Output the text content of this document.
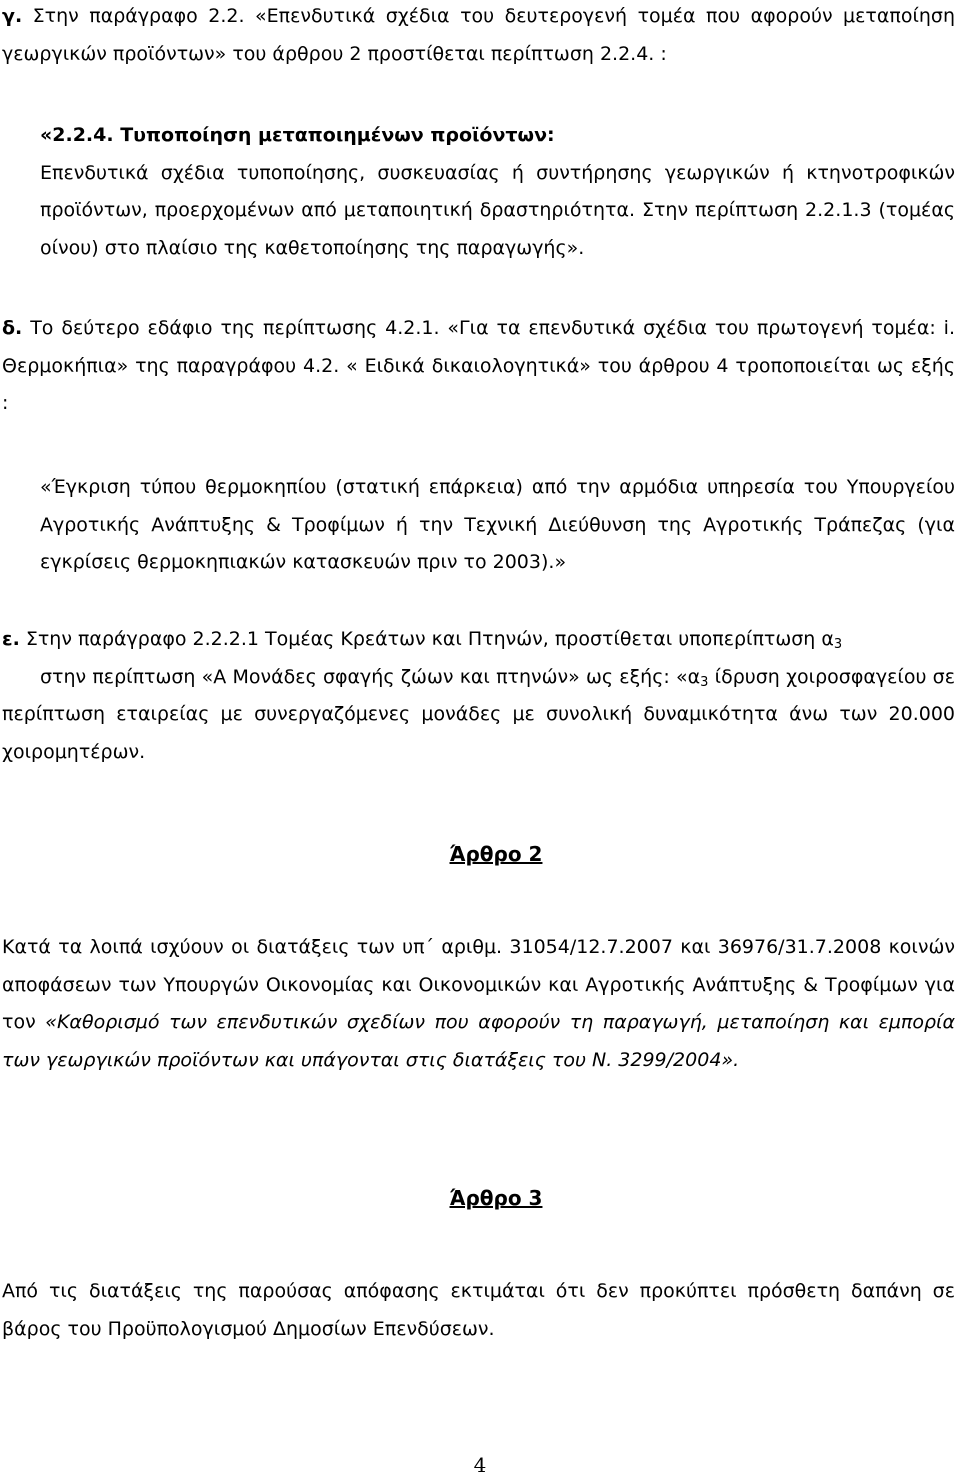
γ. Στην παράγραφο 2.2. «Επενδυτικά σχέδια του δευτερογενή τομέα που αφορούν μεταποίηση γεωργικών προϊόντων» του άρθρου 2 προστίθεται περίπτωση 2.2.4. :

«2.2.4. Τυποποίηση μεταποιημένων προϊόντων:
Επενδυτικά σχέδια τυποποίησης, συσκευασίας ή συντήρησης γεωργικών ή κτηνοτροφικών προϊόντων, προερχομένων από μεταποιητική δραστηριότητα. Στην περίπτωση 2.2.1.3 (τομέας οίνου) στο πλαίσιο της καθετοποίησης της παραγωγής».

δ. Το δεύτερο εδάφιο της περίπτωσης 4.2.1. «Για τα επενδυτικά σχέδια του πρωτογενή τομέα: i. Θερμοκήπια» της παραγράφου 4.2. « Ειδικά δικαιολογητικά» του άρθρου 4 τροποποιείται ως εξής :

«Έγκριση τύπου θερμοκηπίου (στατική επάρκεια) από την αρμόδια υπηρεσία του Υπουργείου Αγροτικής Ανάπτυξης & Τροφίμων ή την Τεχνική Διεύθυνση της Αγροτικής Τράπεζας (για εγκρίσεις θερμοκηπιακών κατασκευών πριν το 2003).»

ε. Στην παράγραφο 2.2.2.1 Τομέας Κρεάτων και Πτηνών, προστίθεται υποπερίπτωση $\alpha_3$
στην περίπτωση «Α Μονάδες σφαγής ζώων και πτηνών» ως εξής: «$\alpha_3$ ίδρυση χοιροσφαγείου σε περίπτωση εταιρείας με συνεργαζόμενες μονάδες με συνολική δυναμικότητα άνω των 20.000 χοιρομητέρων.

Άρθρο 2

Κατά τα λοιπά ισχύουν οι διατάξεις των υπ΄ αριθμ. 31054/12.7.2007 και 36976/31.7.2008 κοινών αποφάσεων των Υπουργών Οικονομίας και Οικονομικών και Αγροτικής Ανάπτυξης & Τροφίμων για τον «Καθορισμό των επενδυτικών σχεδίων που αφορούν τη παραγωγή, μεταποίηση και εμπορία των γεωργικών προϊόντων και υπάγονται στις διατάξεις του Ν. 3299/2004».

Άρθρο 3

Από τις διατάξεις της παρούσας απόφασης εκτιμάται ότι δεν προκύπτει πρόσθετη δαπάνη σε βάρος του Προϋπολογισμού Δημοσίων Επενδύσεων.

4
